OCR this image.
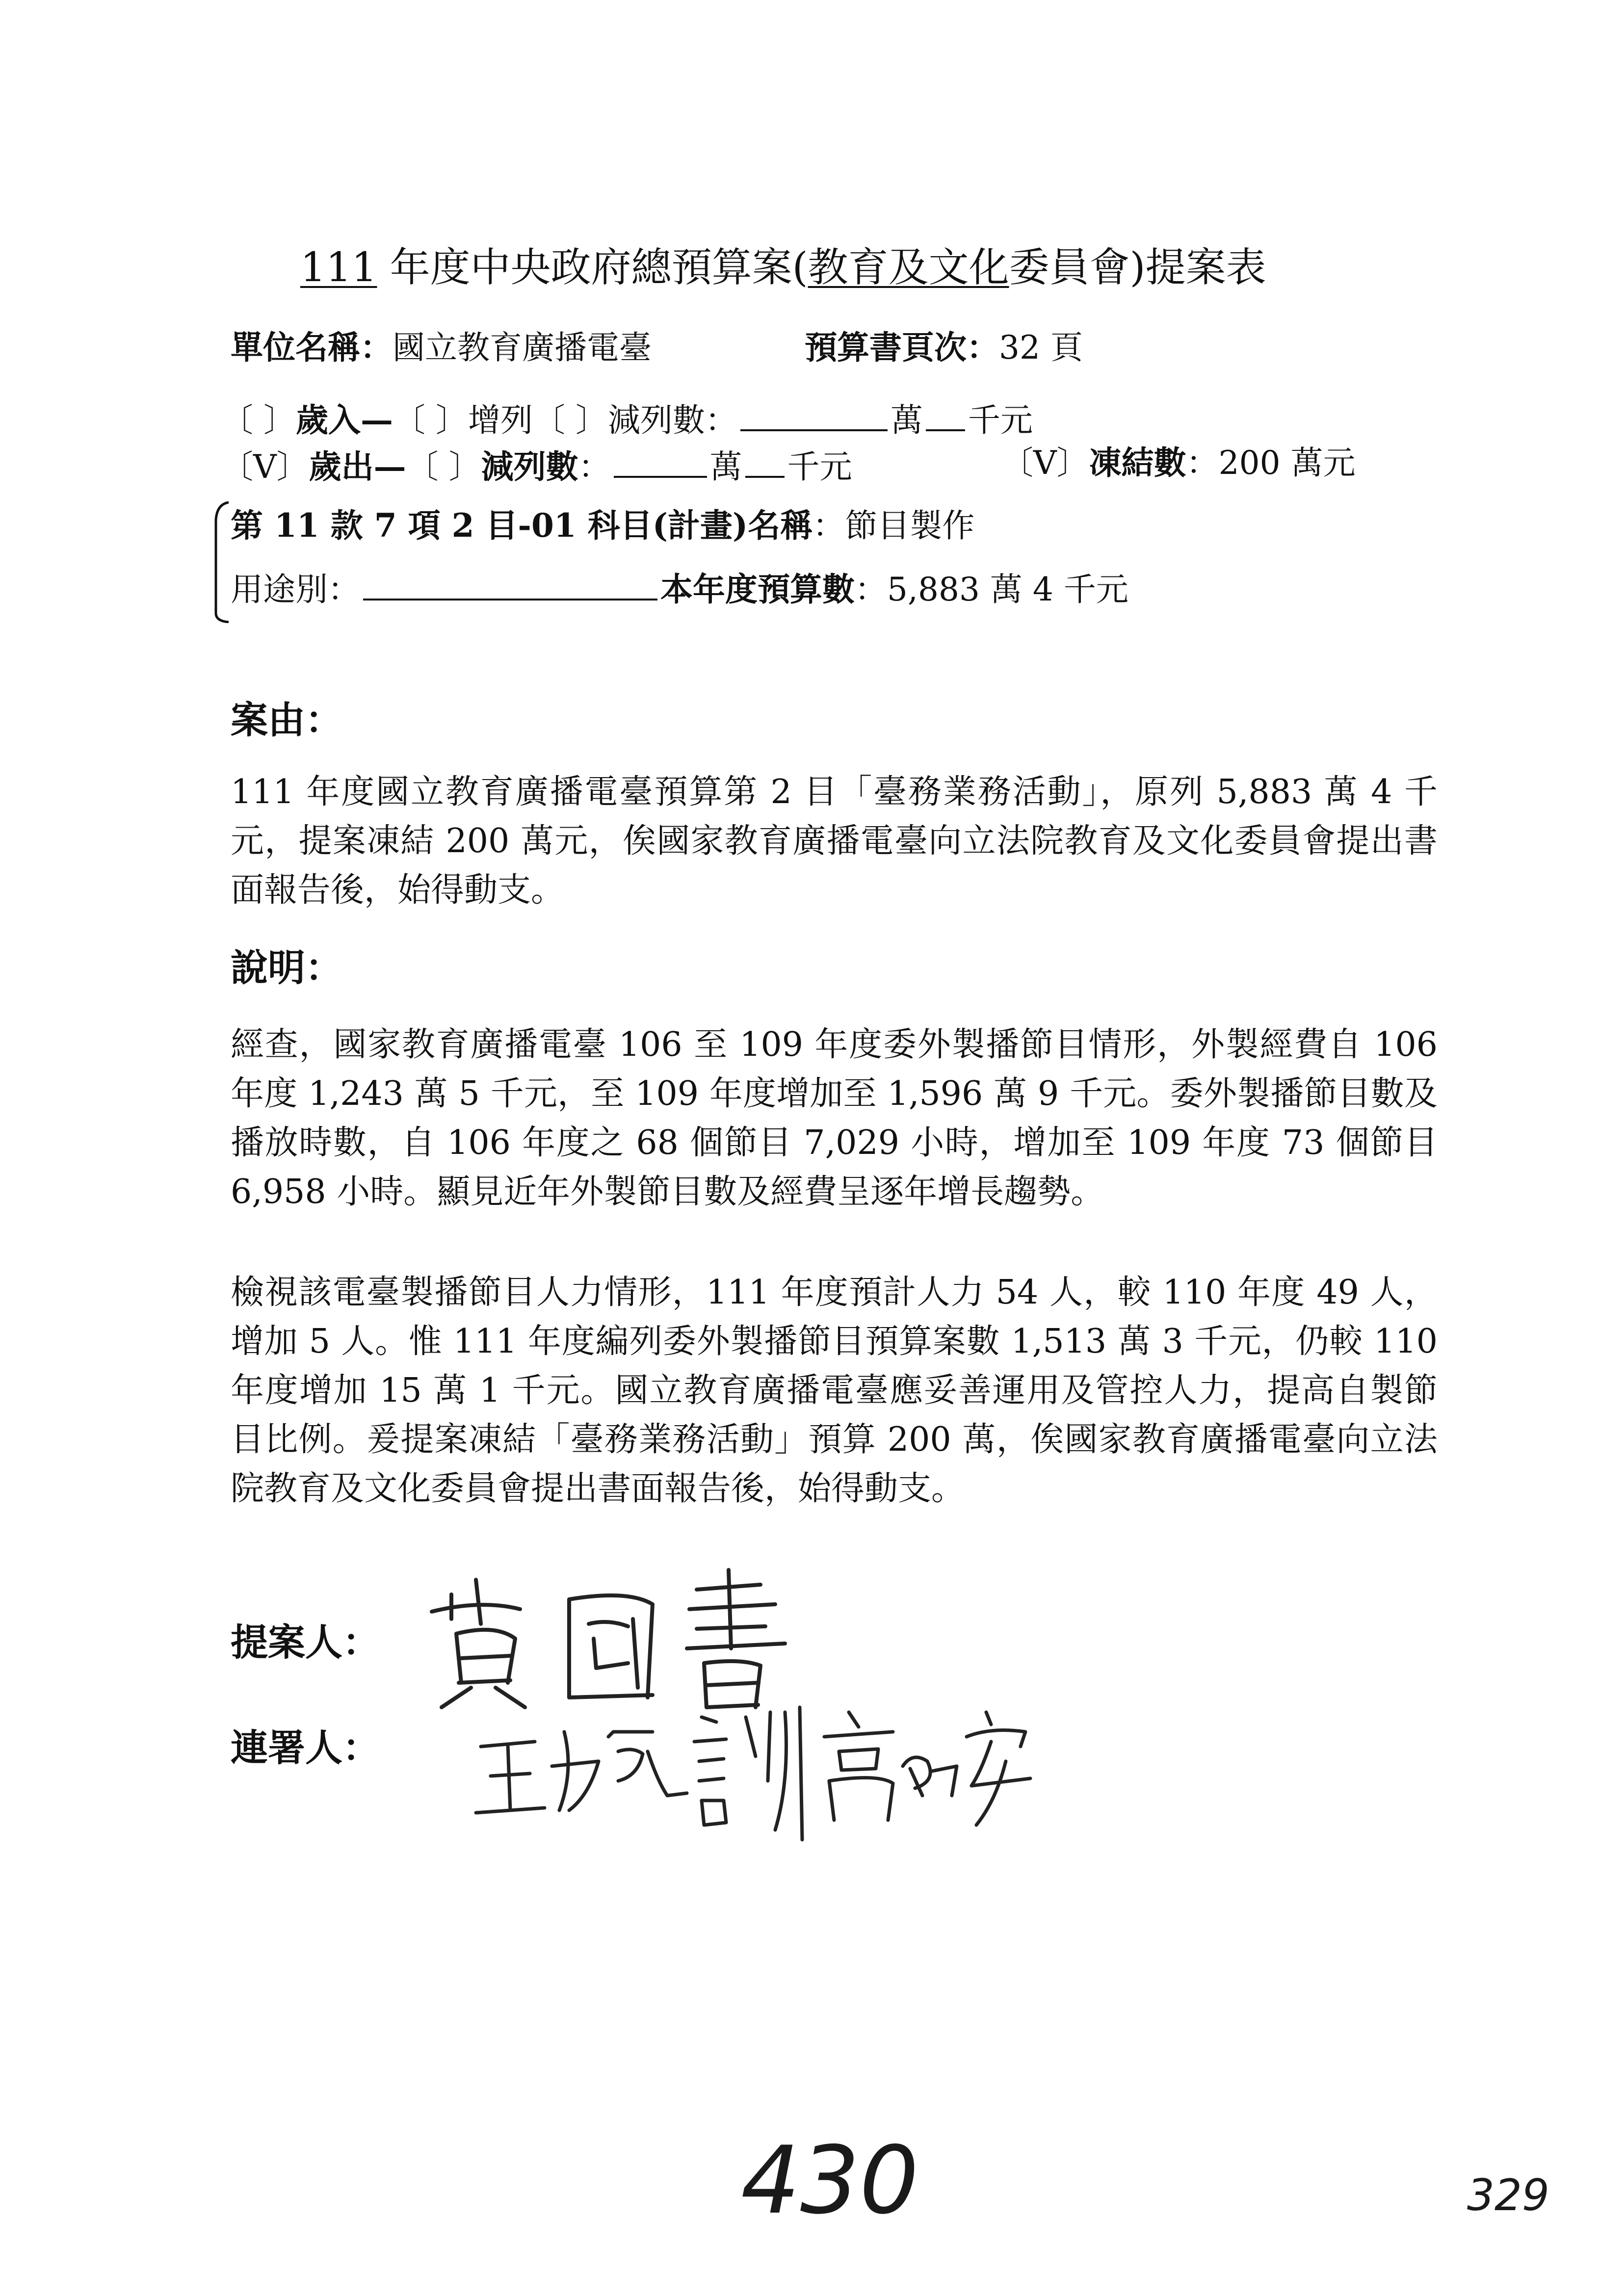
111 年度中央政府總預算案(教育及文化委員會)提案表
單位名稱：國立教育廣播電臺	預算書頁次：32 頁
〔 〕歲入—〔 〕增列〔 〕減列數：	萬 千元
〔V〕歲出—〔 〕減列數：	萬 千元	〔V〕凍結數：200 萬元
第 11 款 7 項 2 目-01 科目(計畫)名稱：節目製作
用途別：	本年度預算數：5,883 萬 4 千元
案由：

111 年度國立教育廣播電臺預算第 2 目「臺務業務活動」，原列 5,883 萬 4 千元，提案凍結 200 萬元，俟國家教育廣播電臺向立法院教育及文化委員會提出書面報告後，始得動支。

說明：

經查，國家教育廣播電臺 106 至 109 年度委外製播節目情形，外製經費自 106 年度 1,243 萬 5 千元，至 109 年度增加至 1,596 萬 9 千元。委外製播節目數及播放時數，自 106 年度之 68 個節目 7,029 小時，增加至 109 年度 73 個節目 6,958 小時。顯見近年外製節目數及經費呈逐年增長趨勢。

檢視該電臺製播節目人力情形，111 年度預計人力 54 人，較 110 年度 49 人，增加 5 人。惟 111 年度編列委外製播節目預算案數 1,513 萬 3 千元，仍較 110 年度增加 15 萬 1 千元。國立教育廣播電臺應妥善運用及管控人力，提高自製節目比例。爰提案凍結「臺務業務活動」預算 200 萬，俟國家教育廣播電臺向立法院教育及文化委員會提出書面報告後，始得動支。

提案人：
連署人：
430	329
